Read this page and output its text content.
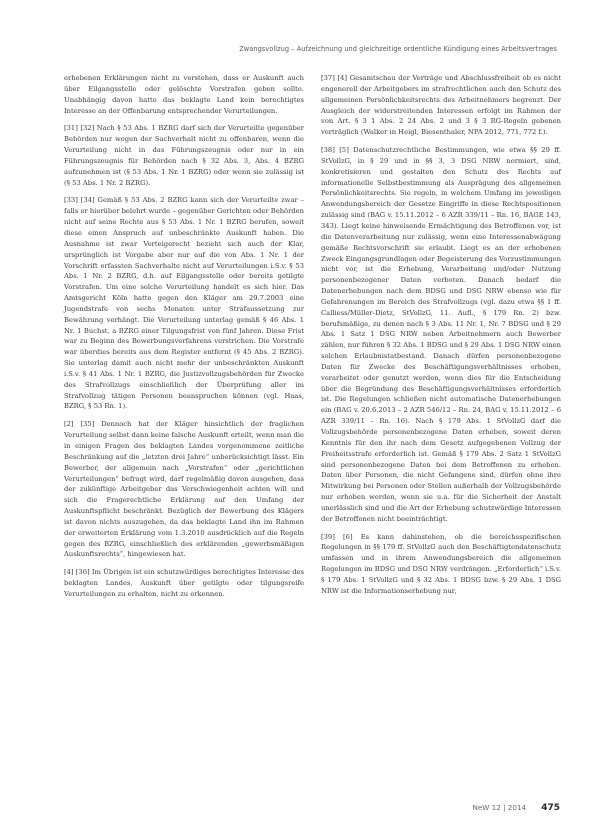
Zwangsvollzug – Aufzeichnung und gleichzeitige ordentliche Kündigung eines Arbeitsvertrages

erhebenen Erklärungen nicht zu verstehen, dass er Auskunft auch über Eilgangsstelle oder gelöschte Vorstrafen geben sollte. Unabhängig davon hatte das beklagte Land kein berechtigtes Interesse an der Offenbarung entsprechender Verurteilungen.

[31] [32] Nach § 53 Abs. 1 BZRG darf sich der Verurteilte gegenüber Behörden nur wegen der Sachverhalt nicht zu offenbaren, wenn die Verurteilung nicht in das Führungszeugnis oder nur in ein Führungszeugnis für Behörden nach § 32 Abs. 3, Abs. 4 BZRG aufzunehmen ist (§ 53 Abs. 1 Nr. 1 BZRG) oder wenn sie zulässig ist (§ 53 Abs. 1 Nr. 2 BZRG).

[33] [34] Gemäß § 53 Abs. 2 BZRG kann sich der Verurteilte zwar – falls er hierüber belehrt wurde – gegenüber Gerichten oder Behörden nicht auf seine Rechte aus § 53 Abs. 1 Nr. 1 BZRG berufen, soweit diese einen Anspruch auf unbeschränkte Auskunft haben. Die Ausnahme ist zwar Verteigerecht bezieht sich auch der Klar, ursprünglich ist Vorgabe aber nur auf die von Abs. 1 Nr. 1 der Vorschrift erfassten Sachverhalte nicht auf Verurteilungen i.S.v. § 53 Abs. 1 Nr. 2 BZRG, d.h. auf Eilgangsstelle oder bereits getilgte Vorstrafen. Um eine solche Verurteilung handelt es sich hier. Das Amtsgericht Köln hatte gegen den Kläger am 29.7.2003 eine Jugendstrafe von sechs Monaten unter Strafaussetzung zur Bewährung verhängt. Die Verurteilung unterlag gemäß § 46 Abs. 1 Nr. 1 Buchst. a BZRG einer Tilgungsfrist von fünf Jahren. Diese Frist war zu Beginn des Bewerbungsverfahrens verstrichen. Die Vorstrafe war überdies bereits aus dem Register entfernt (§ 45 Abs. 2 BZRG). Sie unterlag damit auch nicht mehr der unbeschränkten Auskunft i.S.v. § 41 Abs. 1 Nr. 1 BZRG, die Justizvollzugsbehörden für Zwecke des Strafvollzugs einschließlich der Überprüfung aller im Strafvollzug tätigen Personen beanspruchen können (vgl. Haas, BZRG, § 53 Rn. 1).

[2] [35] Dennoch hat der Kläger hinsichtlich der fraglichen Verurteilung selbst dann keine falsche Auskunft erteilt, wenn man die in einigen Fragen des beklagten Landes vorgenommene zeitliche Beschränkung auf die „letzten drei Jahre“ unberücksichtigt lässt. Ein Bewerber, der allgemein nach „Vorstrafen“ oder „gerichtlichen Verurteilungen“ befragt wird, darf regelmäßig davon ausgehen, dass der zukünftige Arbeitgeber das Verschwiegenheit achten will und sich die Fragerechtliche Erklärung auf den Umfang der Auskunftspflicht beschränkt. Bezüglich der Bewerbung des Klägers ist davon nichts auszugehen, da das beklagte Land ihn im Rahmen der erweiterten Erklärung vom 1.3.2010 ausdrücklich auf die Regeln gegen des BZRG, einschließlich des erklärenden „gewerbsmäßigen Auskunftsrechts“, hingewiesen hat.

[4] [36] Im Übrigen ist ein schutzwürdiges berechtigtes Interesse des beklagten Landes, Auskunft über getilgte oder tilgungsreife Verurteilungen zu erhalten, nicht zu erkennen.

[37] [4] Gesamtschau der Verträge und Abschlussfreiheit ob es nicht engenerell der Arbeitgebers im strafrechtlichen auch den Schutz des allgemeinen Persönlichkeitsrechts des Arbeitnehmers begrenzt. Der Ausgleich der widerstreitenden Interessen erfolgt im Rahmen der von Art. § 3 1 Abs. 2 24 Abs. 2 und 3 § 3 RG-Regeln gebenen verträglich (Walker in Heigl, Biesenthaler, NPA 2012, 771, 772 f.).

[38] [5] Datenschutzrechtliche Bestimmungen, wie etwa §§ 29 ff. StVollzG, in § 29 und in §§ 3, 3 DSG NRW normiert, sind, konkretisieren und gestalten den Schutz des Rechts auf informationelle Selbstbestimmung als Ausprägung des allgemeinen Persönlichkeitsrechts. Sie regeln, in welchem Umfang im jeweiligen Anwendungsbereich der Gesetze Eingriffe in diese Rechtspositionen zulässig sind (BAG v. 15.11.2012 – 6 AZR 339/11 – Rn. 16, BAGE 143, 343). Liegt keine hinweisende Ermächtigung des Betroffenen vor, ist die Datenverarbeitung nur zulässig, wenn eine Interessenabwägung gemäße Rechtsvorschrift sie erlaubt. Liegt es an der erhobenen Zweck Eingangsgrundlagen oder Begeisterung des Vorzustimmungen nicht vor, ist die Erhebung, Verarbeitung und/oder Nutzung personenbezogener Daten verboten. Danach bedarf die Datenerhebungen nach dem BDSG und DSG NRW ebenso wie für Gefahrenungen im Bereich des Strafvollzugs (vgl. dazu etwa §§ 1 ff. Calliess/Müller-Dietz, StVollzG, 11. Aufl., § 179 Rn. 2) bzw. berufsmäßige, zu denen nach § 3 Abs. 11 Nr. 1, Nr. 7 BDSG und § 29 Abs. 1 Satz 1 DSG NRW neben Arbeitnehmern auch Bewerber zählen, nur führen § 32 Abs. 1 BDSG und § 29 Abs. 1 DSG NRW einen solchen Erlaubnistatbestand. Danach dürfen personenbezogene Daten für Zwecke des Beschäftigungsverhältnisses erhoben, verarbeitet oder genutzt werden, wenn dies für die Entscheidung über die Begründung des Beschäftigungsverhältnisses erforderlich ist. Die Regelungen schließen nicht automatische Datenerhebungen ein (BAG v. 20.6.2013 – 2 AZR 546/12 – Rn. 24, BAG v. 15.11.2012 – 6 AZR 339/11 – Rn. 16). Nach § 179 Abs. 1 StVollzG darf die Vollzugsbehörde personenbezogene Daten erheben, soweit deren Kenntnis für den ihr nach dem Gesetz aufgegebenen Vollzug der Freiheitsstrafe erforderlich ist. Gemäß § 179 Abs. 2 Satz 1 StVollzG sind personenbezogene Daten bei dem Betroffenen zu erheben. Daten über Personen, die nicht Gefangene sind, dürfen ohne ihre Mitwirkung bei Personen oder Stellen außerhalb der Vollzugsbehörde nur erhoben werden, wenn sie u.a. für die Sicherheit der Anstalt unerlässlich sind und die Art der Erhebung schutzwürdige Interessen der Betroffenen nicht beeinträchtigt.

[39] [6] Es kann dahinstehen, ob die bereichsspezifischen Regelungen in §§ 179 ff. StVollzG auch den Beschäftigtendatenschutz umfassen und in ihrem Anwendungsbereich die allgemeinen Regelungen im BDSG und DSG NRW verdrängen. „Erforderlich“ i.S.v. § 179 Abs. 1 StVollzG und § 32 Abs. 1 BDSG bzw. § 29 Abs. 1 DSG NRW ist die Informationserhebung nur,

NeW 12 | 2014 475
